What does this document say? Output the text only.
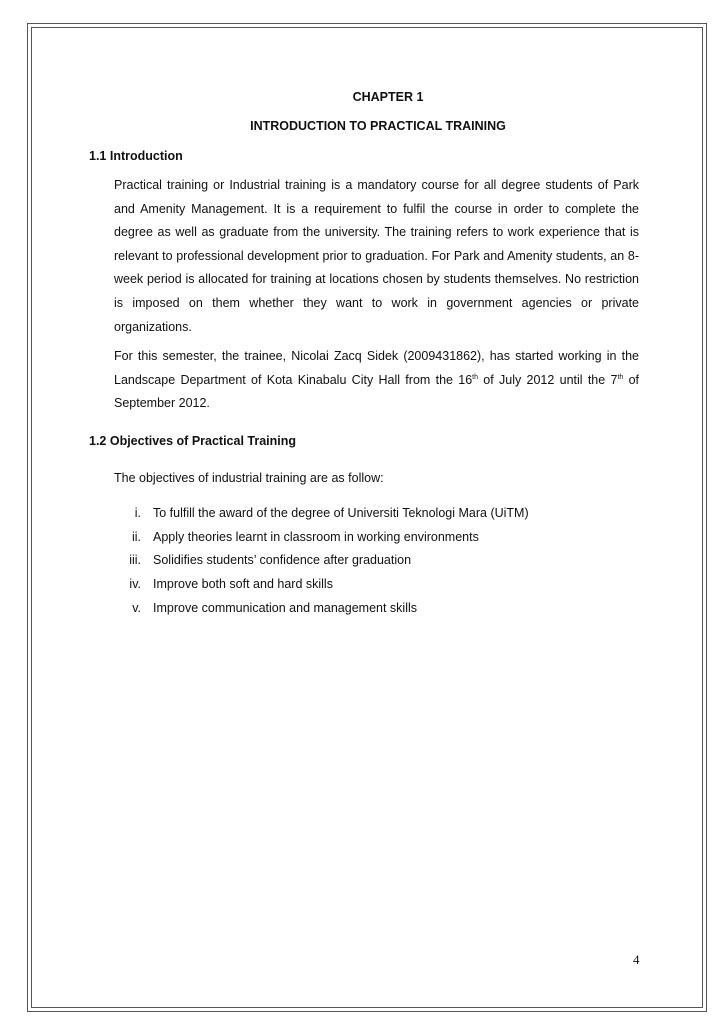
CHAPTER 1
INTRODUCTION TO PRACTICAL TRAINING
1.1 Introduction

Practical training or Industrial training is a mandatory course for all degree students of Park and Amenity Management. It is a requirement to fulfil the course in order to complete the degree as well as graduate from the university. The training refers to work experience that is relevant to professional development prior to graduation. For Park and Amenity students, an 8-week period is allocated for training at locations chosen by students themselves. No restriction is imposed on them whether they want to work in government agencies or private organizations.

For this semester, the trainee, Nicolai Zacq Sidek (2009431862), has started working in the Landscape Department of Kota Kinabalu City Hall from the 16th of July 2012 until the 7th of September 2012.

1.2 Objectives of Practical Training
The objectives of industrial training are as follow:
i. To fulfill the award of the degree of Universiti Teknologi Mara (UiTM)
ii. Apply theories learnt in classroom in working environments
iii. Solidifies students’ confidence after graduation
iv. Improve both soft and hard skills
v. Improve communication and management skills
4
